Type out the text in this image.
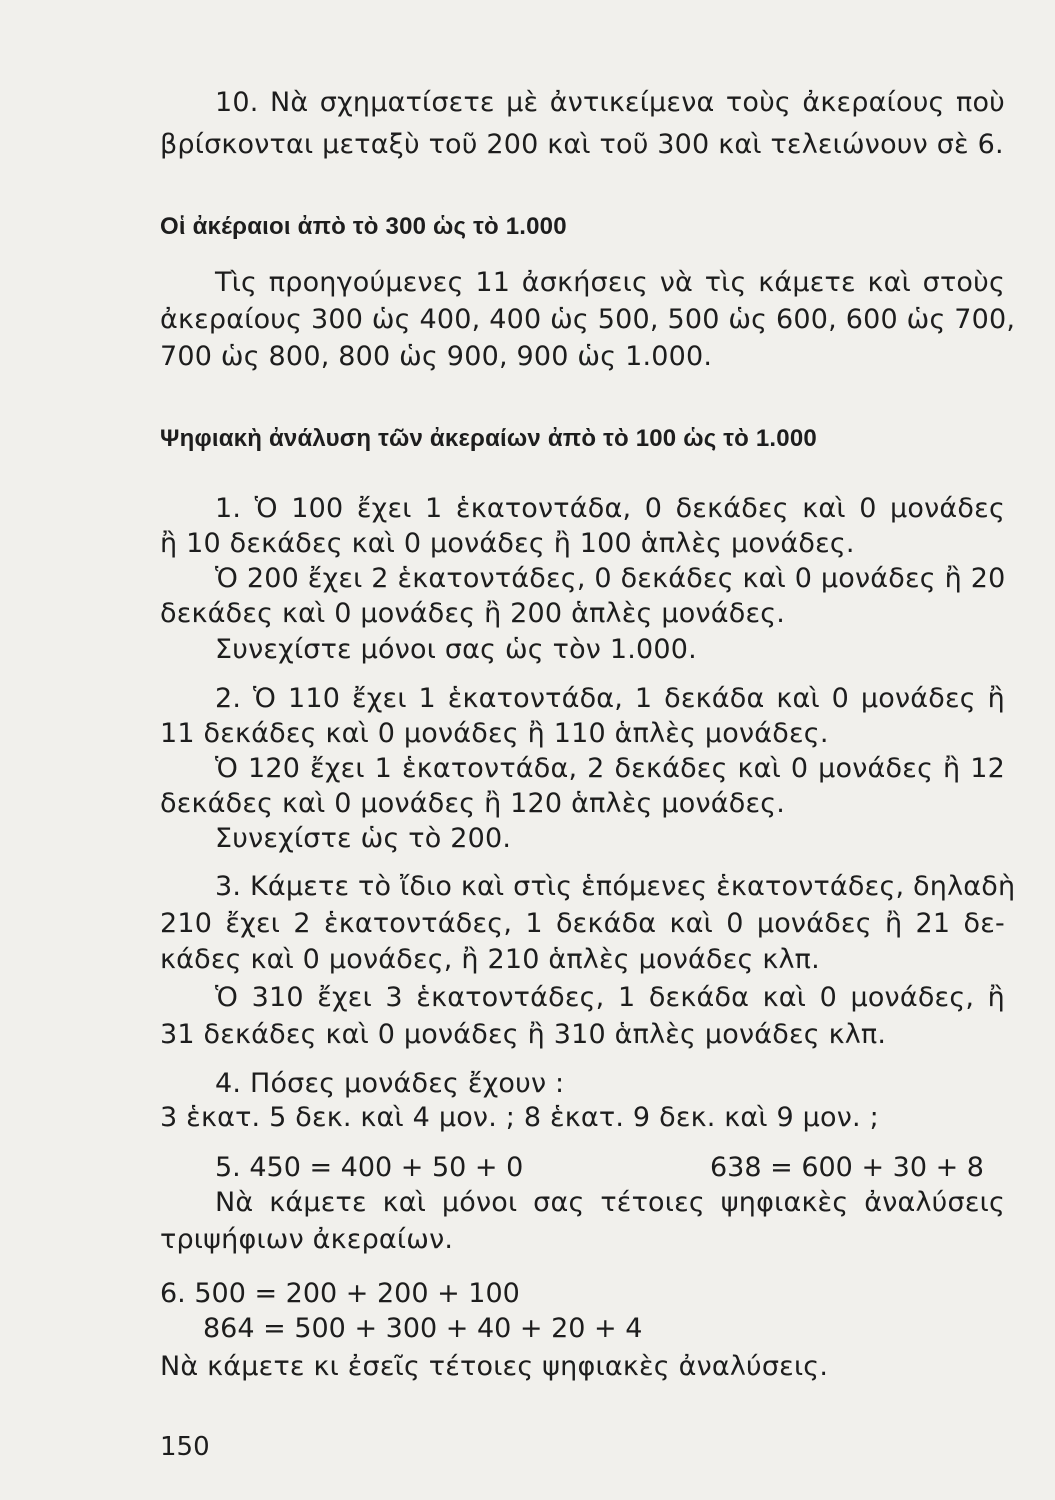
10. Νὰ σχηματίσετε μὲ ἀντικείμενα τοὺς ἀκεραίους ποὺ
βρίσκονται μεταξὺ τοῦ 200 καὶ τοῦ 300 καὶ τελειώνουν σὲ 6.
Οἱ ἀκέραιοι ἀπὸ τὸ 300 ὡς τὸ 1.000
Τὶς προηγούμενες 11 ἀσκήσεις νὰ τὶς κάμετε καὶ στοὺς
ἀκεραίους 300 ὡς 400, 400 ὡς 500, 500 ὡς 600, 600 ὡς 700,
700 ὡς 800, 800 ὡς 900, 900 ὡς 1.000.
Ψηφιακὴ ἀνάλυση τῶν ἀκεραίων ἀπὸ τὸ 100 ὡς τὸ 1.000
1. Ὁ 100 ἔχει 1 ἑκατοντάδα, 0 δεκάδες καὶ 0 μονάδες
ἢ 10 δεκάδες καὶ 0 μονάδες ἢ 100 ἁπλὲς μονάδες.
Ὁ 200 ἔχει 2 ἑκατοντάδες, 0 δεκάδες καὶ 0 μονάδες ἢ 20
δεκάδες καὶ 0 μονάδες ἢ 200 ἁπλὲς μονάδες.
Συνεχίστε μόνοι σας ὡς τὸν 1.000.
2. Ὁ 110 ἔχει 1 ἑκατοντάδα, 1 δεκάδα καὶ 0 μονάδες ἢ
11 δεκάδες καὶ 0 μονάδες ἢ 110 ἁπλὲς μονάδες.
Ὁ 120 ἔχει 1 ἑκατοντάδα, 2 δεκάδες καὶ 0 μονάδες ἢ 12
δεκάδες καὶ 0 μονάδες ἢ 120 ἁπλὲς μονάδες.
Συνεχίστε ὡς τὸ 200.
3. Κάμετε τὸ ἴδιο καὶ στὶς ἑπόμενες ἑκατοντάδες, δηλαδὴ
210 ἔχει 2 ἑκατοντάδες, 1 δεκάδα καὶ 0 μονάδες ἢ 21 δε-
κάδες καὶ 0 μονάδες, ἢ 210 ἁπλὲς μονάδες κλπ.
Ὁ 310 ἔχει 3 ἑκατοντάδες, 1 δεκάδα καὶ 0 μονάδες, ἢ
31 δεκάδες καὶ 0 μονάδες ἢ 310 ἁπλὲς μονάδες κλπ.
4. Πόσες μονάδες ἔχουν :
3 ἑκατ. 5 δεκ. καὶ 4 μον. ; 8 ἑκατ. 9 δεκ. καὶ 9 μον. ;
5. 450 = 400 + 50 + 0	638 = 600 + 30 + 8
Νὰ κάμετε καὶ μόνοι σας τέτοιες ψηφιακὲς ἀναλύσεις
τριψήφιων ἀκεραίων.
6. 500 = 200 + 200 + 100
864 = 500 + 300 + 40 + 20 + 4
Νὰ κάμετε κι ἐσεῖς τέτοιες ψηφιακὲς ἀναλύσεις.
150
